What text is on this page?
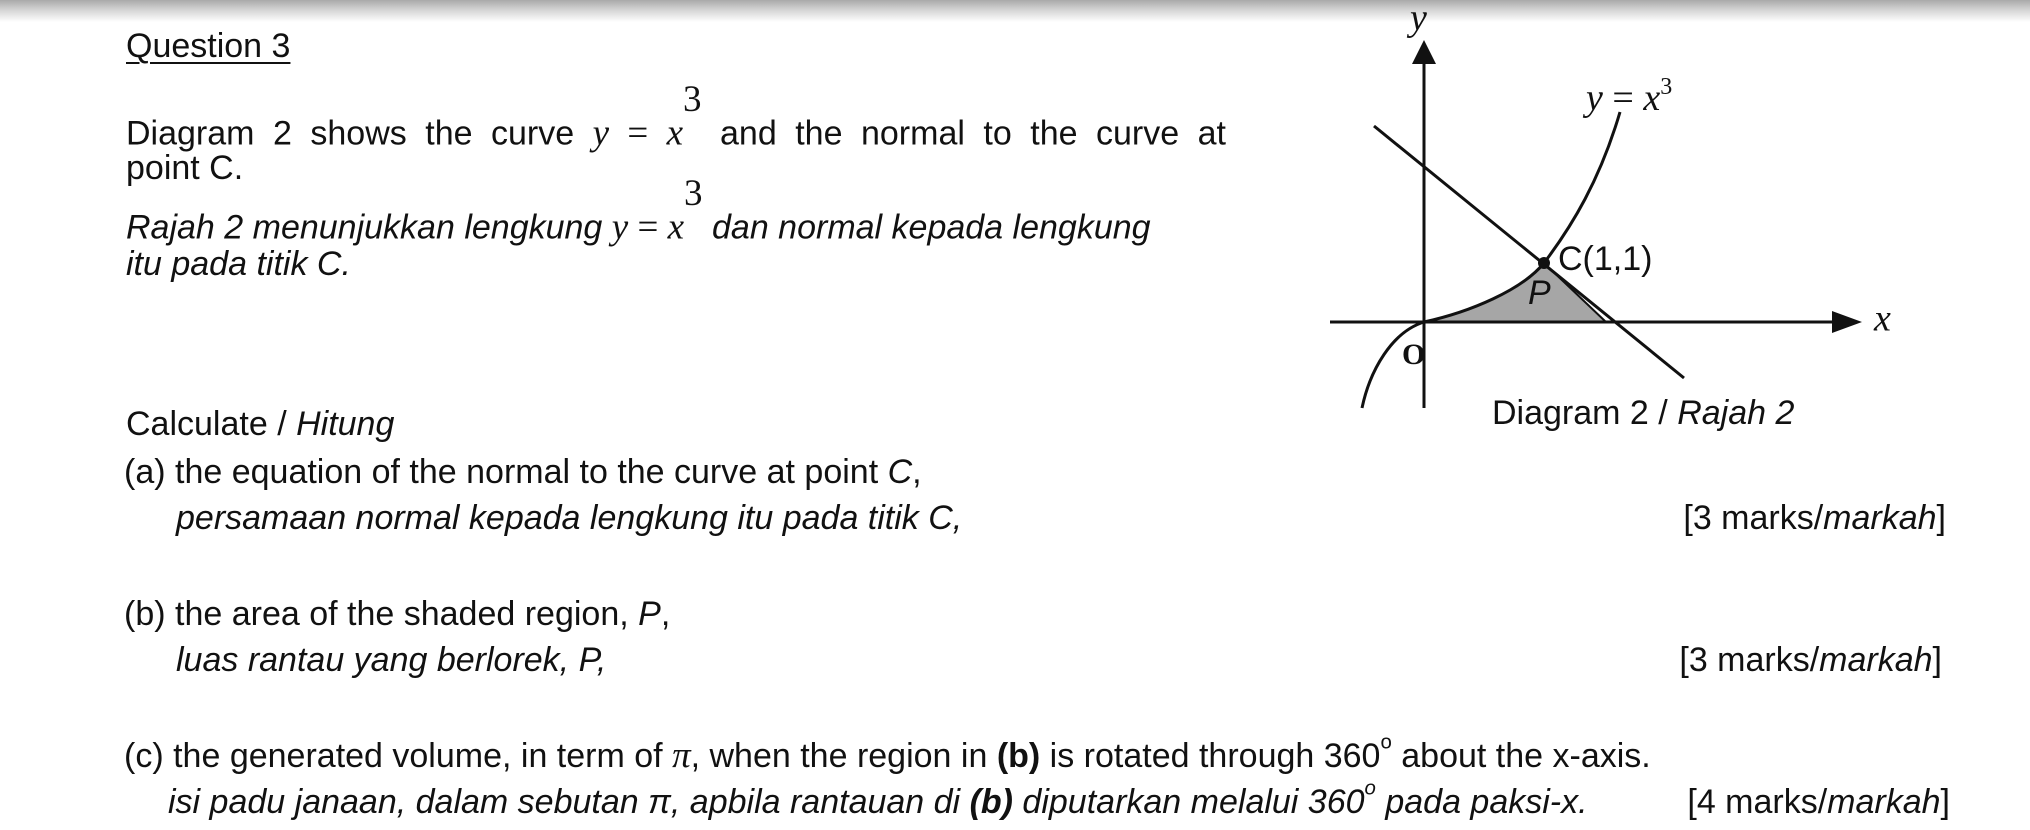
Question 3
Diagram 2 shows the curve $y = x^3$ and the normal to the curve at
point C.
Rajah 2 menunjukkan lengkung $y = x^3$ dan normal kepada lengkung
itu pada titik C.
Calculate / Hitung
(a) the equation of the normal to the curve at point C,
persamaan normal kepada lengkung itu pada titik C,	[3 marks/markah]
(b) the area of the shaded region, P,
luas rantau yang berlorek, P,	[3 marks/markah]
(c) the generated volume, in term of π, when the region in (b) is rotated through 360$^o$ about the x-axis.
isi padu janaan, dalam sebutan π, apbila rantauan di (b) diputarkan melalui 360$^o$ pada paksi-x.	[4 marks/markah]
y
x
O
$y = x^3$
C(1,1)
P
Diagram 2 / Rajah 2
